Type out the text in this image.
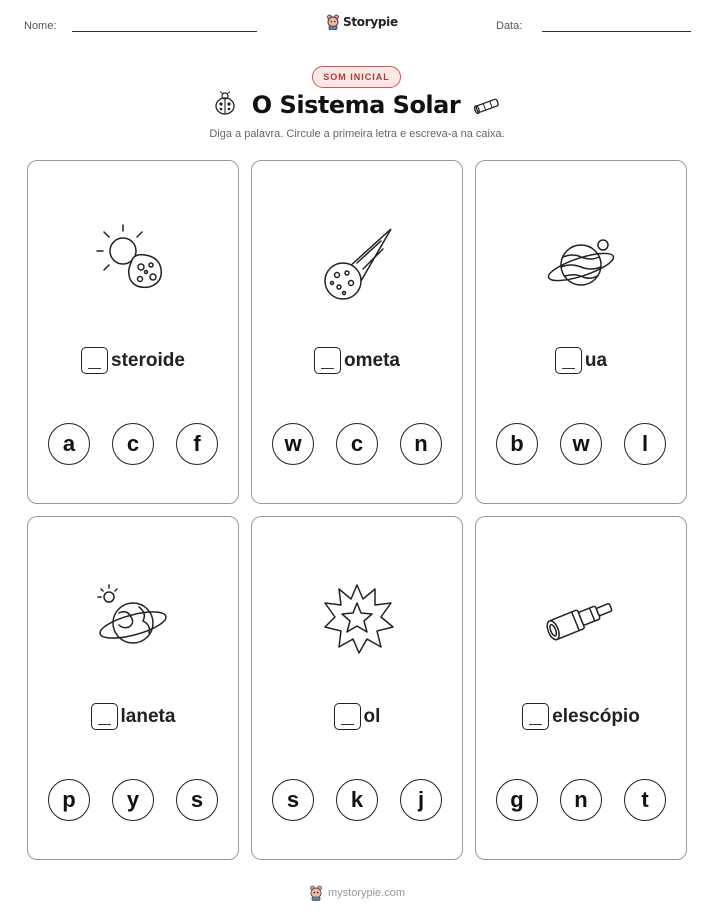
Nome:	Storypie	Data:
SOM INICIAL
O Sistema Solar
Diga a palavra. Circule a primeira letra e escreva-a na caixa.
steroide
a	c	f
ometa
w	c	n
ua
b	w	l
laneta
p	y	s
ol
s	k	j
elescópio
g	n	t
mystorypie.com
